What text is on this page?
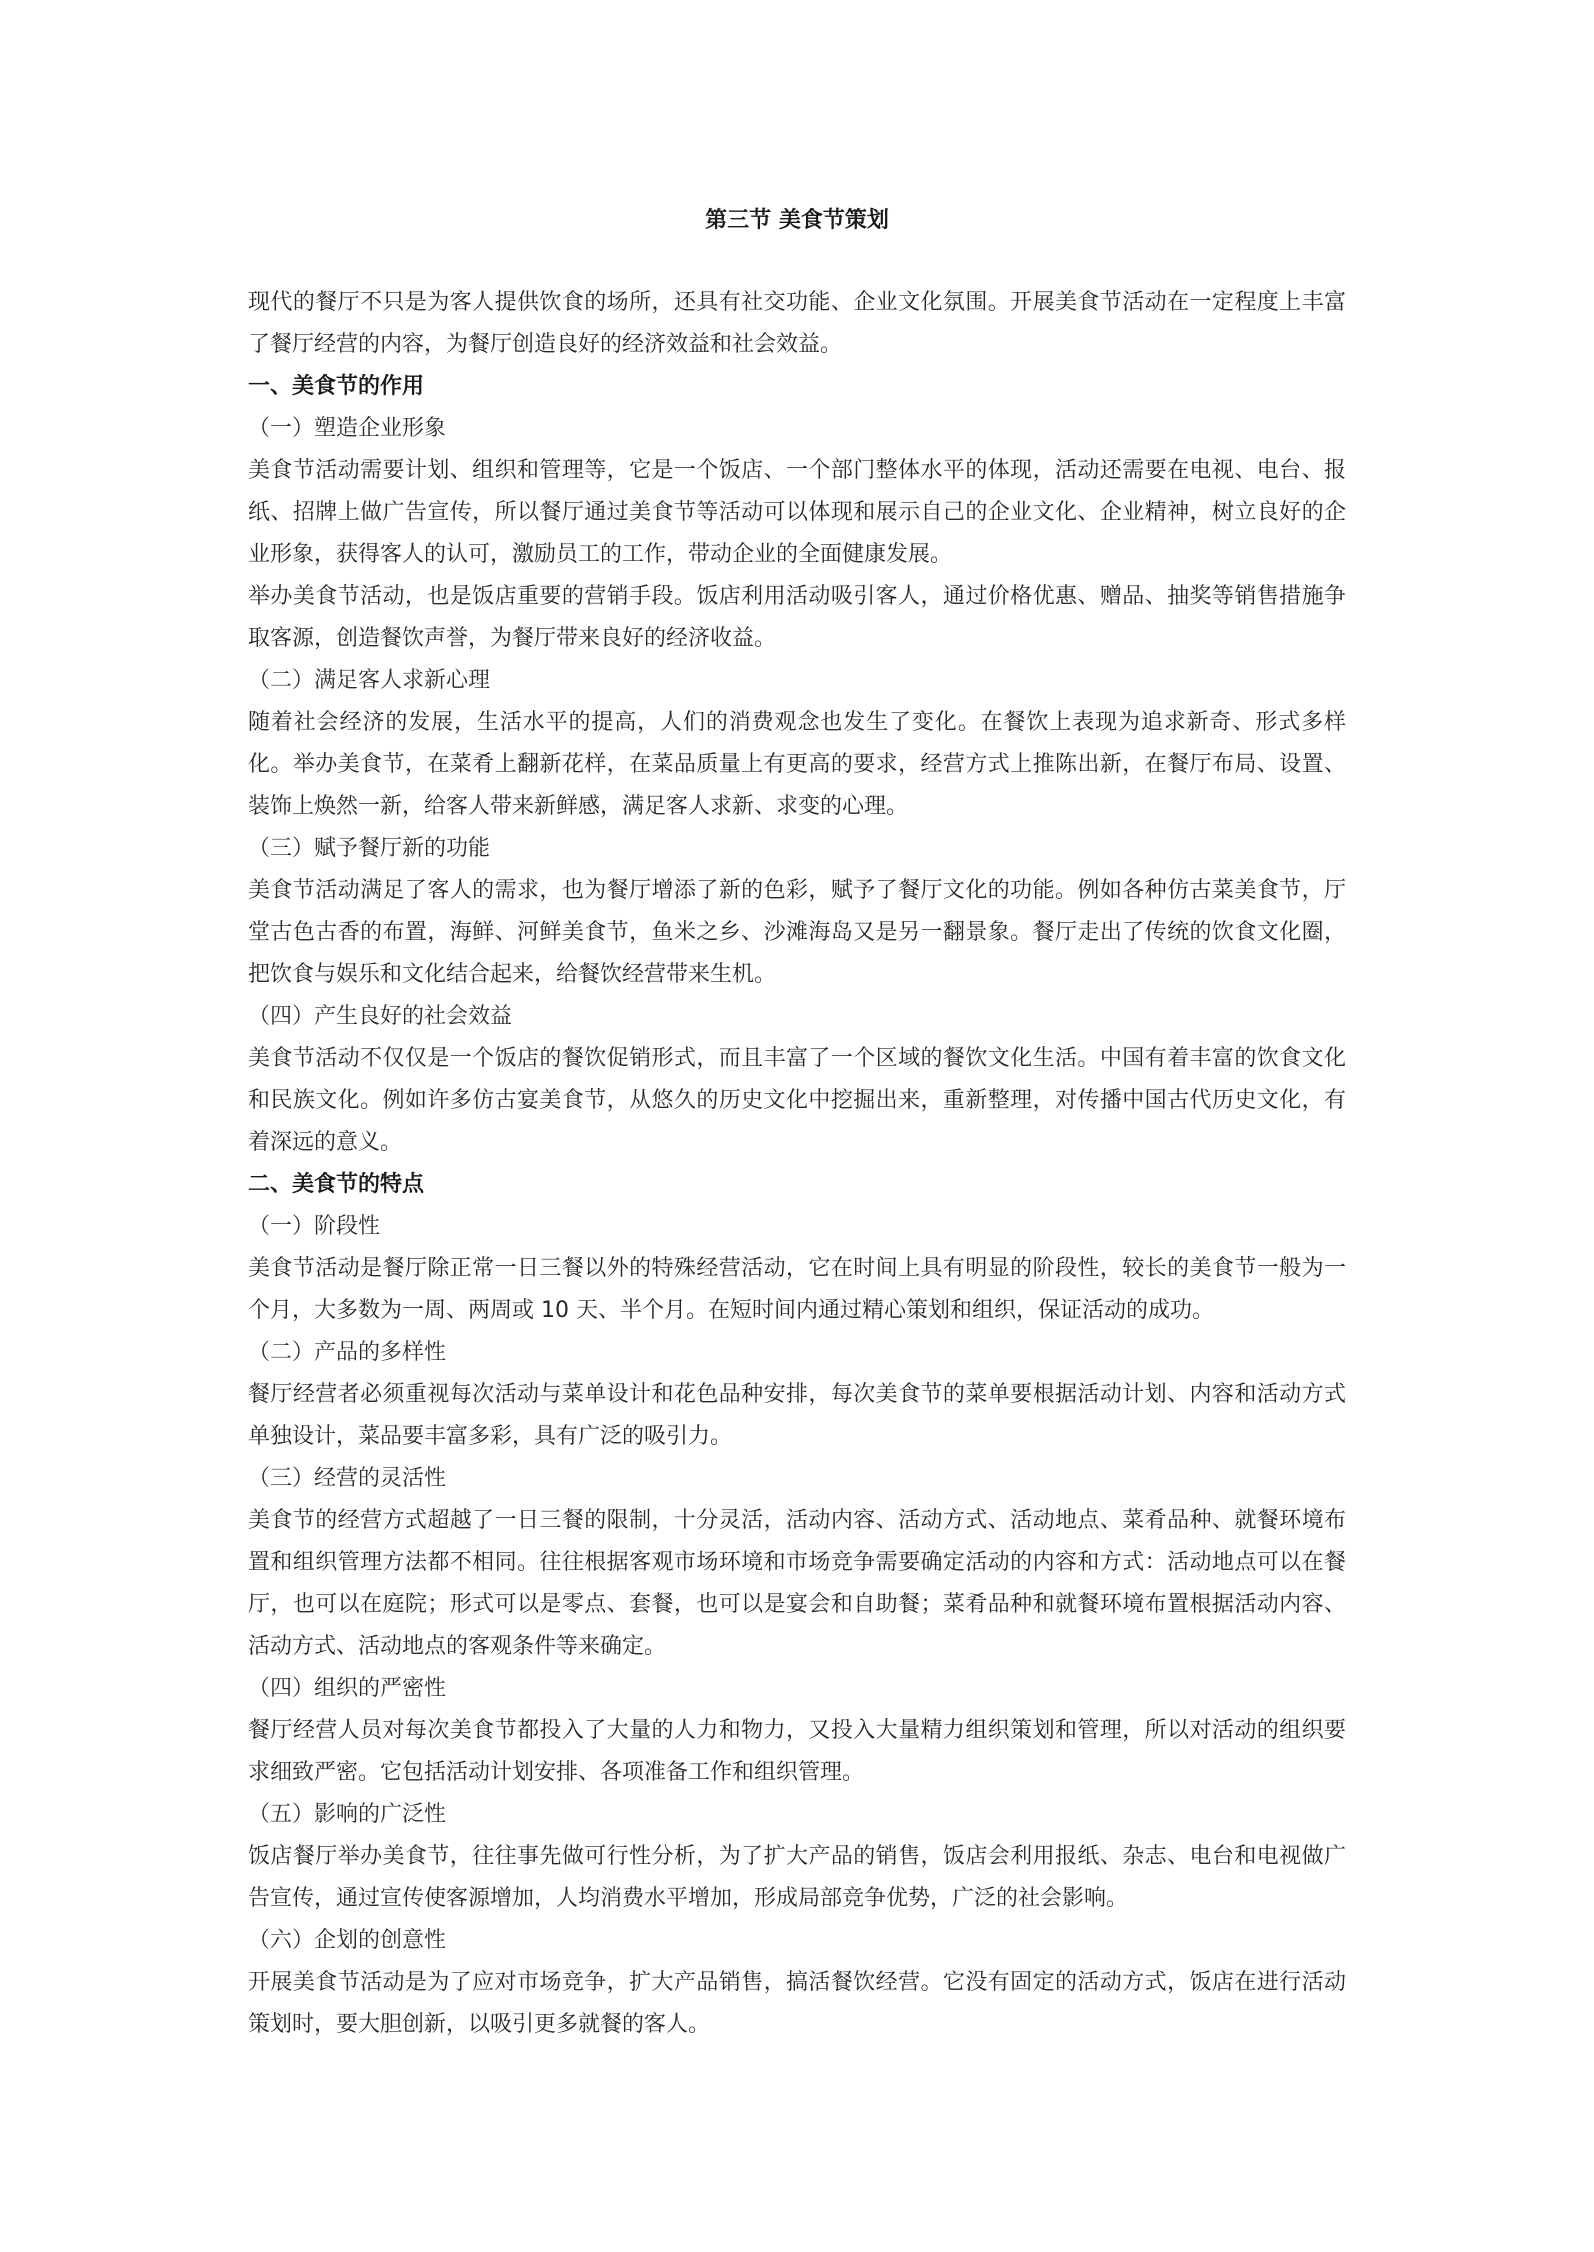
第三节 美食节策划

现代的餐厅不只是为客人提供饮食的场所，还具有社交功能、企业文化氛围。开展美食节活动在一定程度上丰富了餐厅经营的内容，为餐厅创造良好的经济效益和社会效益。

一、美食节的作用

（一）塑造企业形象

美食节活动需要计划、组织和管理等，它是一个饭店、一个部门整体水平的体现，活动还需要在电视、电台、报纸、招牌上做广告宣传，所以餐厅通过美食节等活动可以体现和展示自己的企业文化、企业精神，树立良好的企业形象，获得客人的认可，激励员工的工作，带动企业的全面健康发展。

举办美食节活动，也是饭店重要的营销手段。饭店利用活动吸引客人，通过价格优惠、赠品、抽奖等销售措施争取客源，创造餐饮声誉，为餐厅带来良好的经济收益。

（二）满足客人求新心理

随着社会经济的发展，生活水平的提高，人们的消费观念也发生了变化。在餐饮上表现为追求新奇、形式多样化。举办美食节，在菜肴上翻新花样，在菜品质量上有更高的要求，经营方式上推陈出新，在餐厅布局、设置、装饰上焕然一新，给客人带来新鲜感，满足客人求新、求变的心理。

（三）赋予餐厅新的功能

美食节活动满足了客人的需求，也为餐厅增添了新的色彩，赋予了餐厅文化的功能。例如各种仿古菜美食节，厅堂古色古香的布置，海鲜、河鲜美食节，鱼米之乡、沙滩海岛又是另一翻景象。餐厅走出了传统的饮食文化圈，把饮食与娱乐和文化结合起来，给餐饮经营带来生机。

（四）产生良好的社会效益

美食节活动不仅仅是一个饭店的餐饮促销形式，而且丰富了一个区域的餐饮文化生活。中国有着丰富的饮食文化和民族文化。例如许多仿古宴美食节，从悠久的历史文化中挖掘出来，重新整理，对传播中国古代历史文化，有着深远的意义。

二、美食节的特点

（一）阶段性

美食节活动是餐厅除正常一日三餐以外的特殊经营活动，它在时间上具有明显的阶段性，较长的美食节一般为一个月，大多数为一周、两周或 10 天、半个月。在短时间内通过精心策划和组织，保证活动的成功。

（二）产品的多样性

餐厅经营者必须重视每次活动与菜单设计和花色品种安排，每次美食节的菜单要根据活动计划、内容和活动方式单独设计，菜品要丰富多彩，具有广泛的吸引力。

（三）经营的灵活性

美食节的经营方式超越了一日三餐的限制，十分灵活，活动内容、活动方式、活动地点、菜肴品种、就餐环境布置和组织管理方法都不相同。往往根据客观市场环境和市场竞争需要确定活动的内容和方式：活动地点可以在餐厅，也可以在庭院；形式可以是零点、套餐，也可以是宴会和自助餐；菜肴品种和就餐环境布置根据活动内容、活动方式、活动地点的客观条件等来确定。

（四）组织的严密性

餐厅经营人员对每次美食节都投入了大量的人力和物力，又投入大量精力组织策划和管理，所以对活动的组织要求细致严密。它包括活动计划安排、各项准备工作和组织管理。

（五）影响的广泛性

饭店餐厅举办美食节，往往事先做可行性分析，为了扩大产品的销售，饭店会利用报纸、杂志、电台和电视做广告宣传，通过宣传使客源增加，人均消费水平增加，形成局部竞争优势，广泛的社会影响。

（六）企划的创意性

开展美食节活动是为了应对市场竞争，扩大产品销售，搞活餐饮经营。它没有固定的活动方式，饭店在进行活动策划时，要大胆创新，以吸引更多就餐的客人。
